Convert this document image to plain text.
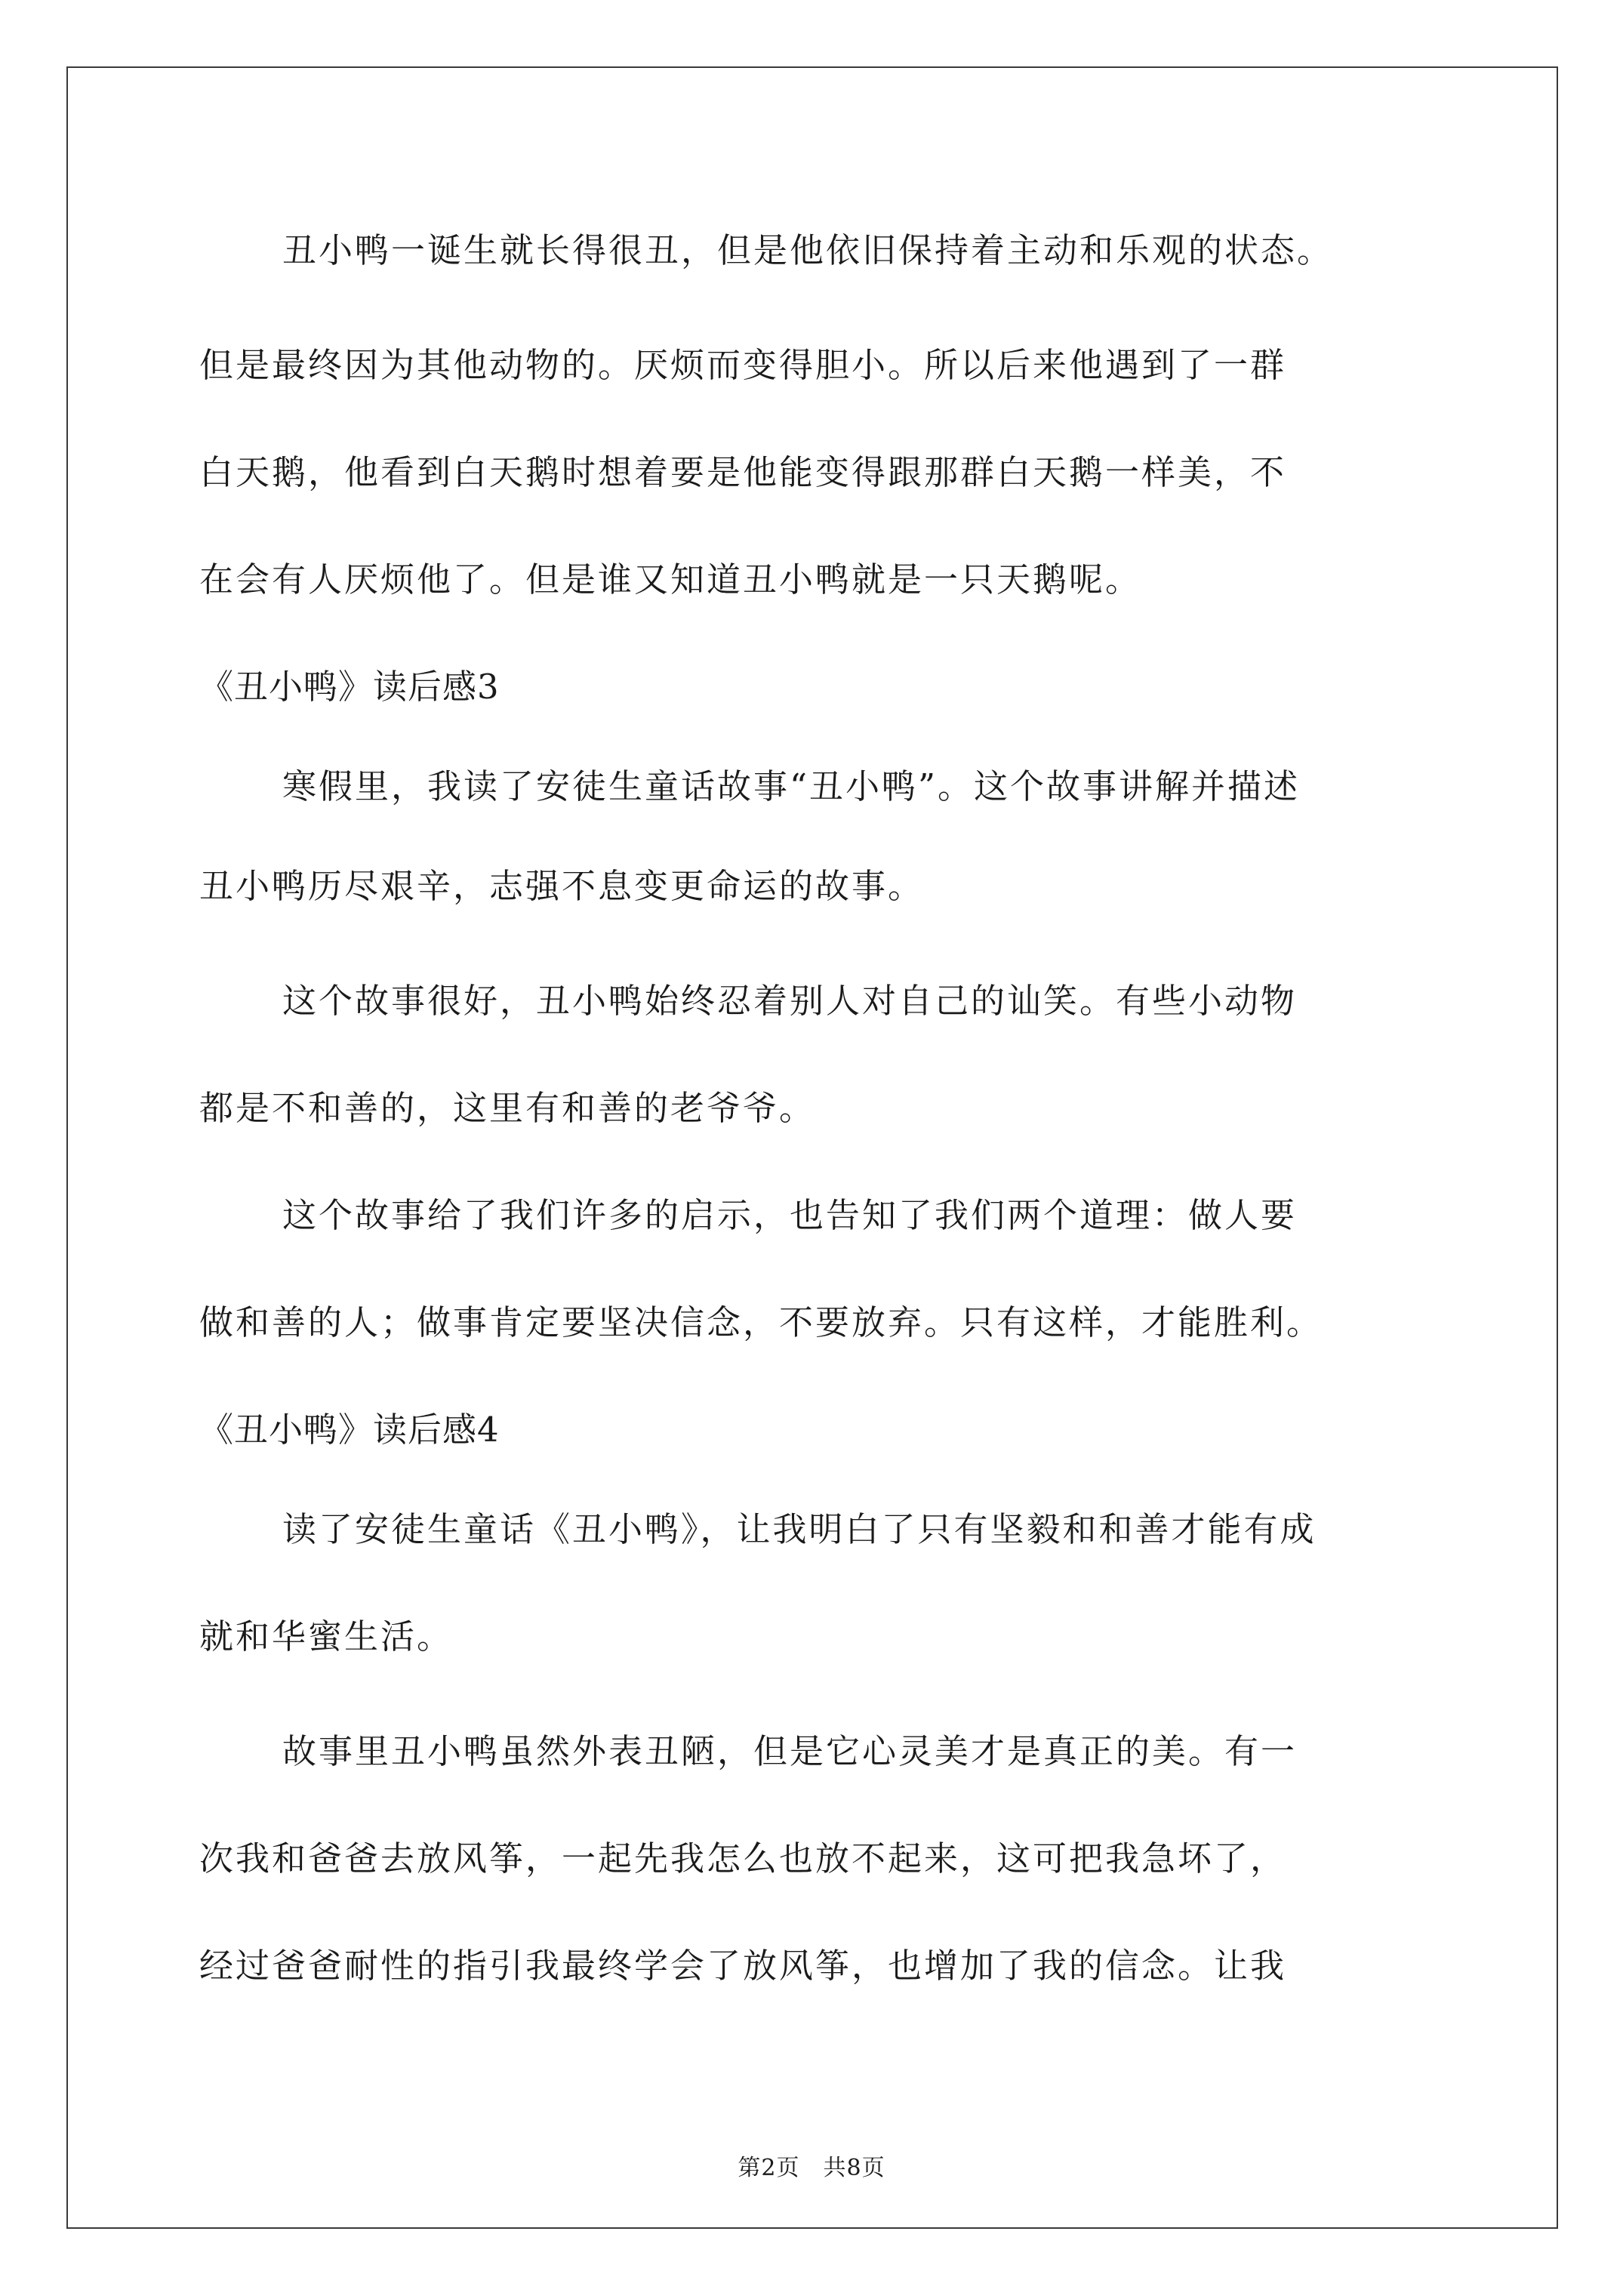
丑小鸭一诞生就长得很丑，但是他依旧保持着主动和乐观的状态。
但是最终因为其他动物的。厌烦而变得胆小。所以后来他遇到了一群
白天鹅，他看到白天鹅时想着要是他能变得跟那群白天鹅一样美，不
在会有人厌烦他了。但是谁又知道丑小鸭就是一只天鹅呢。
《丑小鸭》读后感3
寒假里，我读了安徒生童话故事“丑小鸭”。这个故事讲解并描述
丑小鸭历尽艰辛，志强不息变更命运的故事。
这个故事很好，丑小鸭始终忍着别人对自己的讪笑。有些小动物
都是不和善的，这里有和善的老爷爷。
这个故事给了我们许多的启示，也告知了我们两个道理：做人要
做和善的人；做事肯定要坚决信念，不要放弃。只有这样，才能胜利。
《丑小鸭》读后感4
读了安徒生童话《丑小鸭》，让我明白了只有坚毅和和善才能有成
就和华蜜生活。
故事里丑小鸭虽然外表丑陋，但是它心灵美才是真正的美。有一
次我和爸爸去放风筝，一起先我怎么也放不起来，这可把我急坏了，
经过爸爸耐性的指引我最终学会了放风筝，也增加了我的信念。让我
第2页　共8页
